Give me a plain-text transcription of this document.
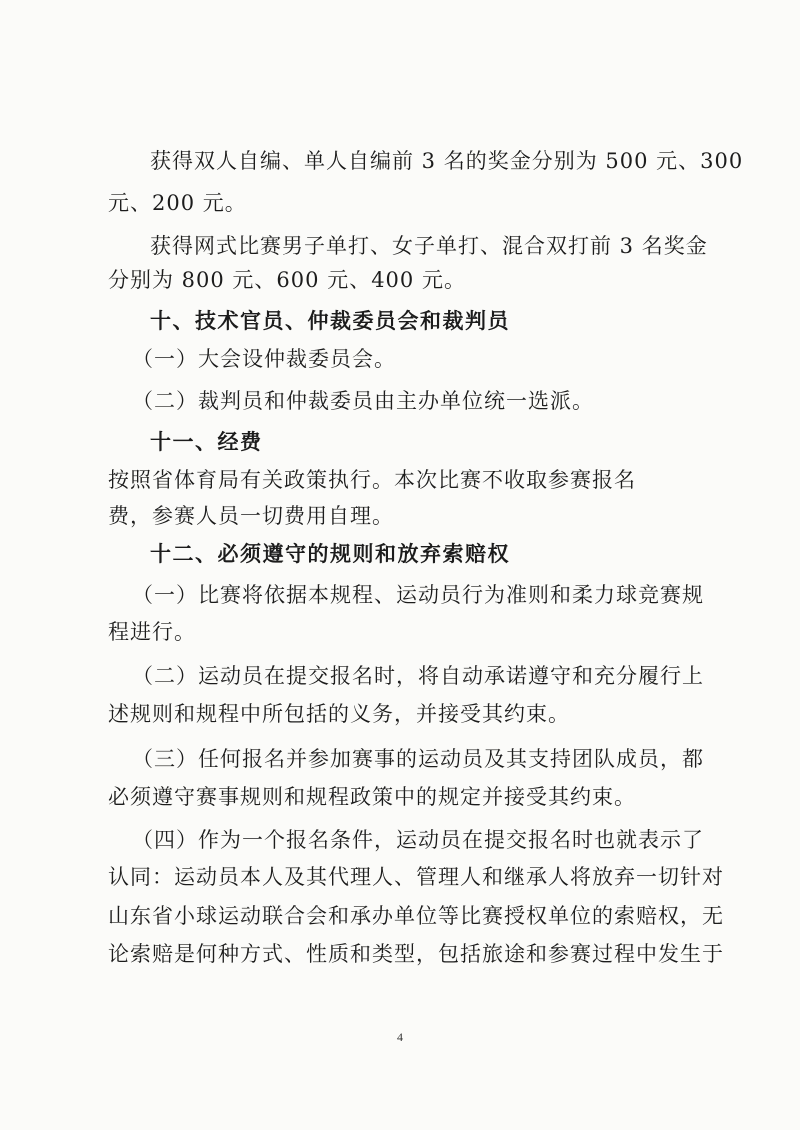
获得双人自编、单人自编前 3 名的奖金分别为 500 元、300
元、200 元。
获得网式比赛男子单打、女子单打、混合双打前 3 名奖金
分别为 800 元、600 元、400 元。
十、技术官员、仲裁委员会和裁判员
（一）大会设仲裁委员会。
（二）裁判员和仲裁委员由主办单位统一选派。
十一、经费
按照省体育局有关政策执行。本次比赛不收取参赛报名
费，参赛人员一切费用自理。
十二、必须遵守的规则和放弃索赔权
（一）比赛将依据本规程、运动员行为准则和柔力球竞赛规
程进行。
（二）运动员在提交报名时，将自动承诺遵守和充分履行上
述规则和规程中所包括的义务，并接受其约束。
（三）任何报名并参加赛事的运动员及其支持团队成员，都
必须遵守赛事规则和规程政策中的规定并接受其约束。
（四）作为一个报名条件，运动员在提交报名时也就表示了
认同：运动员本人及其代理人、管理人和继承人将放弃一切针对
山东省小球运动联合会和承办单位等比赛授权单位的索赔权，无
论索赔是何种方式、性质和类型，包括旅途和参赛过程中发生于
4
